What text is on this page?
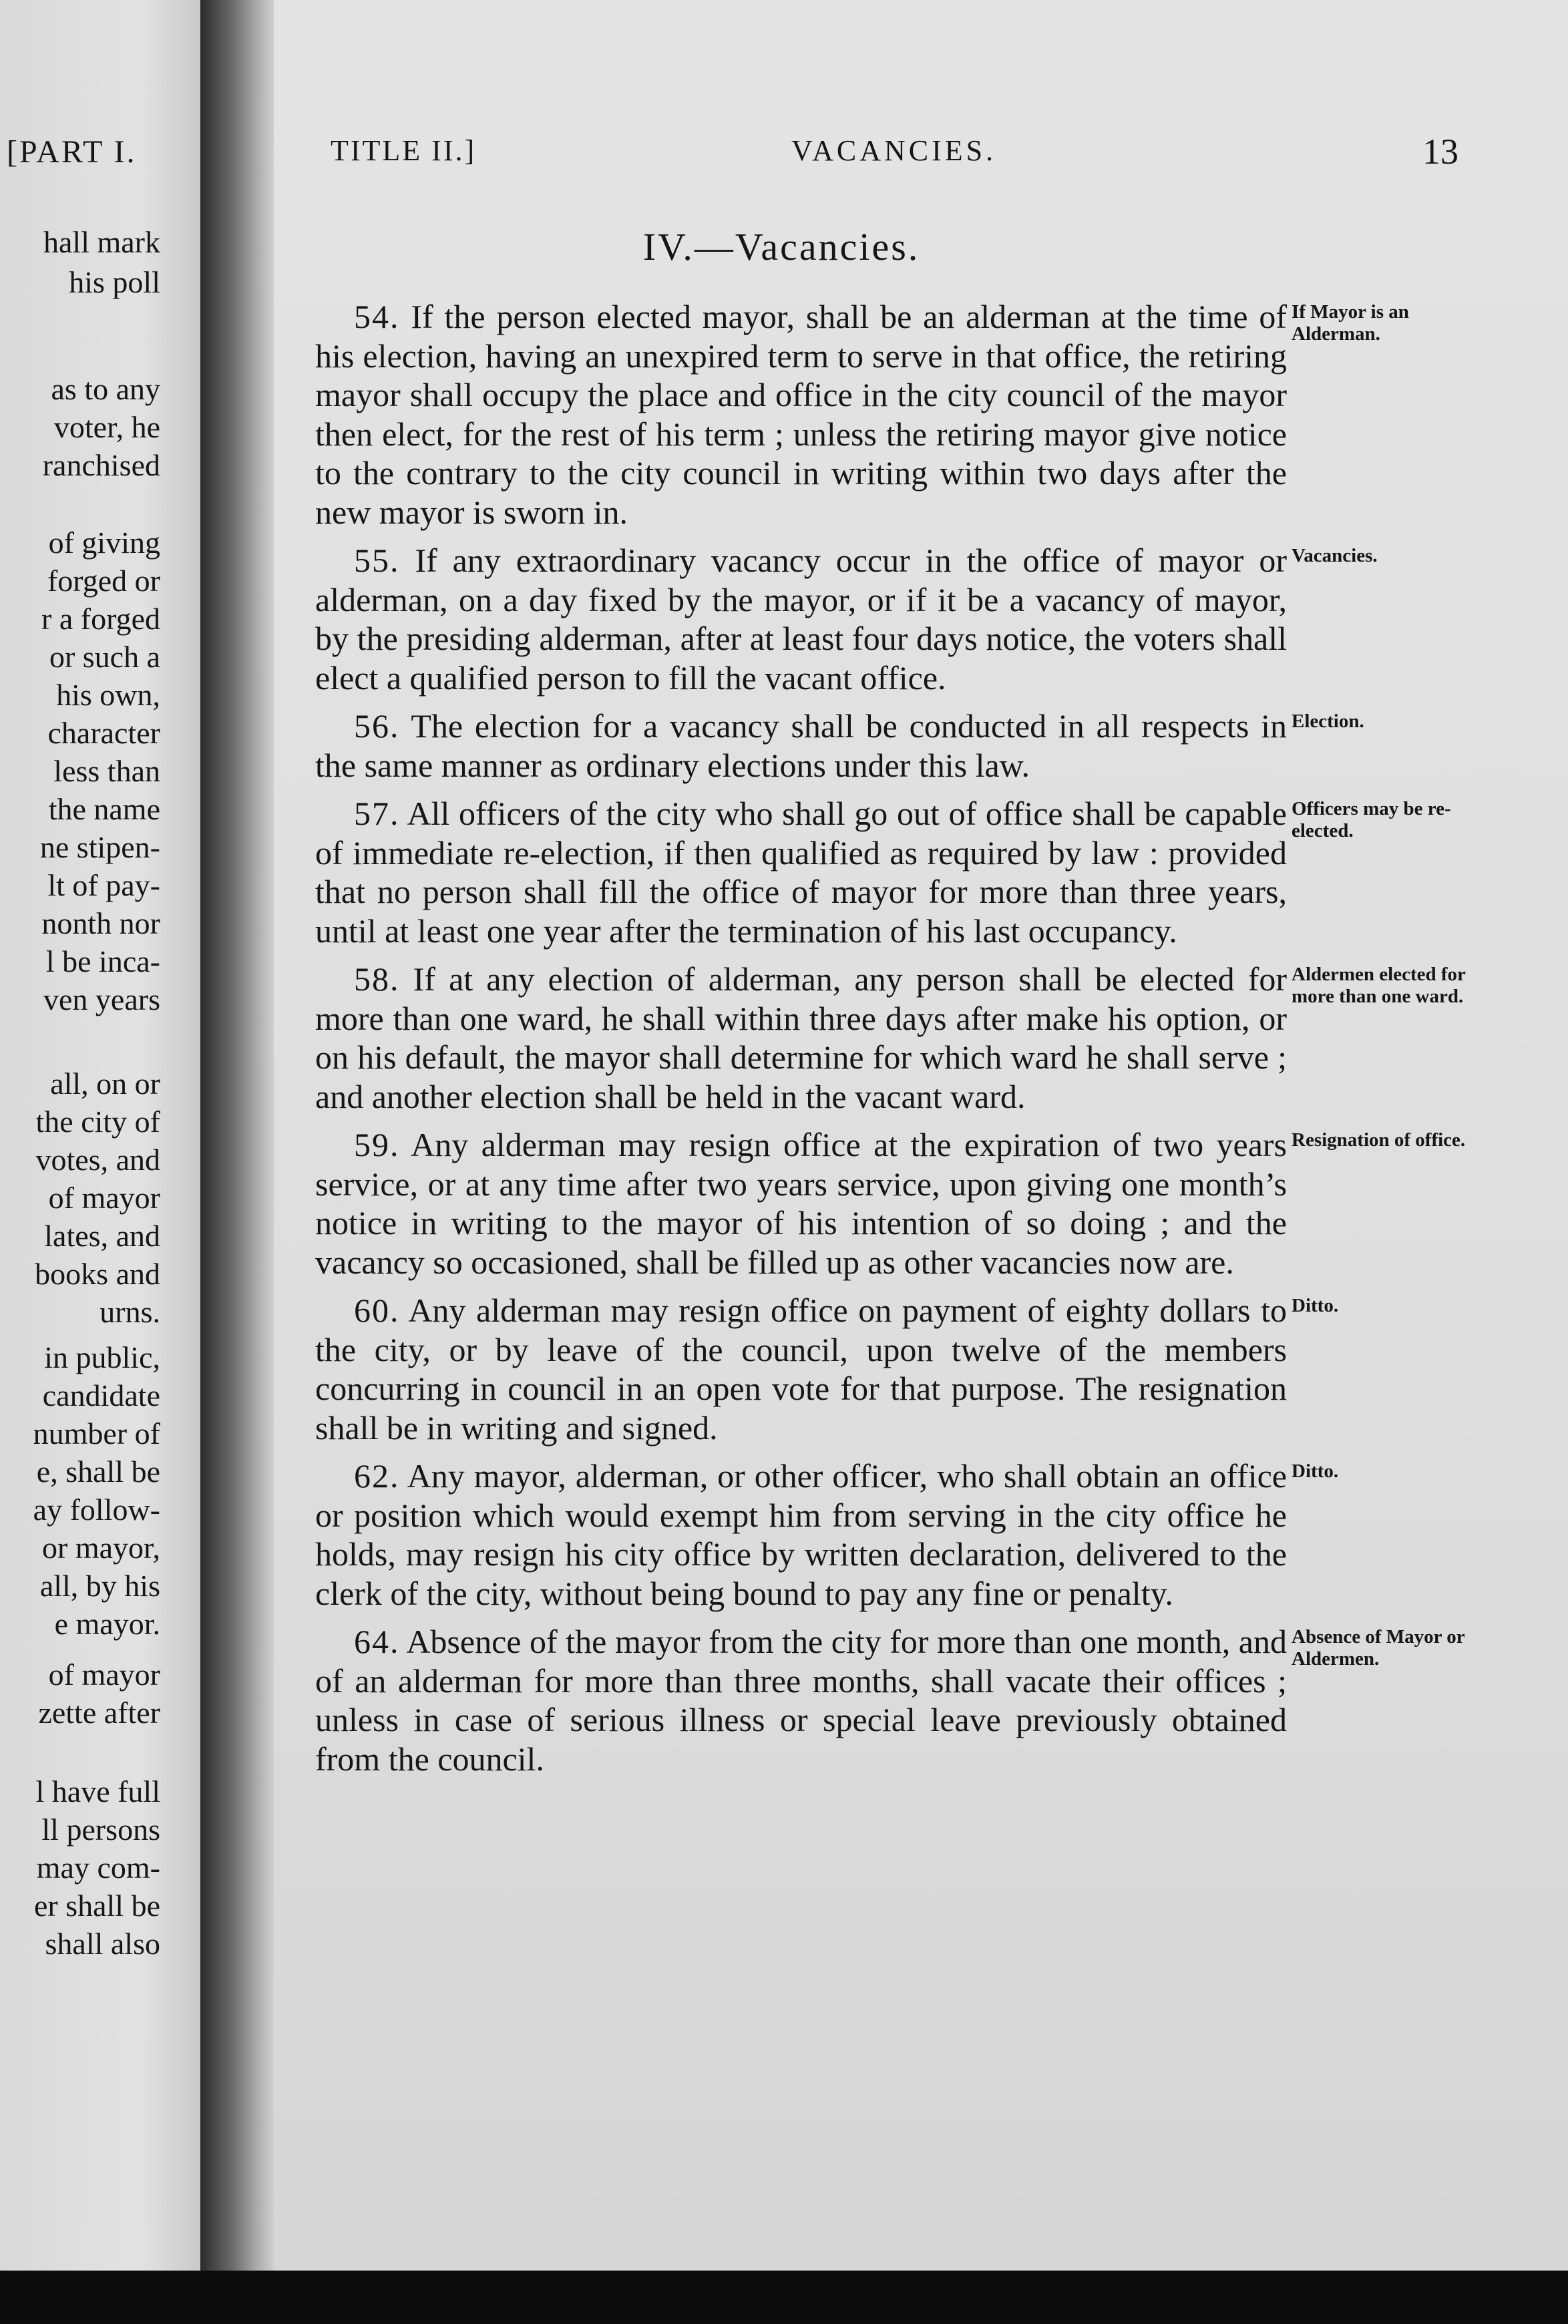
[PART I.
hall mark
his poll
as to any
voter, he
ranchised
of giving
forged or
r a forged
or such a
his own,
character
less than
the name
ne stipen-
lt of pay-
nonth nor
l be inca-
ven years
all, on or
the city of
votes, and
of mayor
lates, and
books and
urns.
in public,
candidate
number of
e, shall be
ay follow-
or mayor,
all, by his
e mayor.
of mayor
zette after
l have full
ll persons
may com-
er shall be
shall also
TITLE II.]	VACANCIES.	13
IV.—Vacancies.
54. If the person elected mayor, shall be an alderman at the time of his election, having an unexpired term to serve in that office, the retiring mayor shall occupy the place and office in the city council of the mayor then elect, for the rest of his term ; unless the retiring mayor give notice to the contrary to the city council in writing within two days after the new mayor is sworn in.
If Mayor is an Alderman.
55. If any extraordinary vacancy occur in the office of mayor or alderman, on a day fixed by the mayor, or if it be a vacancy of mayor, by the presiding alderman, after at least four days notice, the voters shall elect a qualified person to fill the vacant office.
Vacancies.
56. The election for a vacancy shall be conducted in all respects in the same manner as ordinary elections under this law.
Election.
57. All officers of the city who shall go out of office shall be capable of immediate re-election, if then qualified as required by law : provided that no person shall fill the office of mayor for more than three years, until at least one year after the termination of his last occupancy.
Officers may be re-elected.
58. If at any election of alderman, any person shall be elected for more than one ward, he shall within three days after make his option, or on his default, the mayor shall determine for which ward he shall serve ; and another election shall be held in the vacant ward.
Aldermen elected for more than one ward.
59. Any alderman may resign office at the expiration of two years service, or at any time after two years service, upon giving one month’s notice in writing to the mayor of his intention of so doing ; and the vacancy so occasioned, shall be filled up as other vacancies now are.
Resignation of office.
60. Any alderman may resign office on payment of eighty dollars to the city, or by leave of the council, upon twelve of the members concurring in council in an open vote for that purpose. The resignation shall be in writing and signed.
Ditto.
62. Any mayor, alderman, or other officer, who shall obtain an office or position which would exempt him from serving in the city office he holds, may resign his city office by written declaration, delivered to the clerk of the city, without being bound to pay any fine or penalty.
Ditto.
64. Absence of the mayor from the city for more than one month, and of an alderman for more than three months, shall vacate their offices ; unless in case of serious illness or special leave previously obtained from the council.
Absence of Mayor or Aldermen.
